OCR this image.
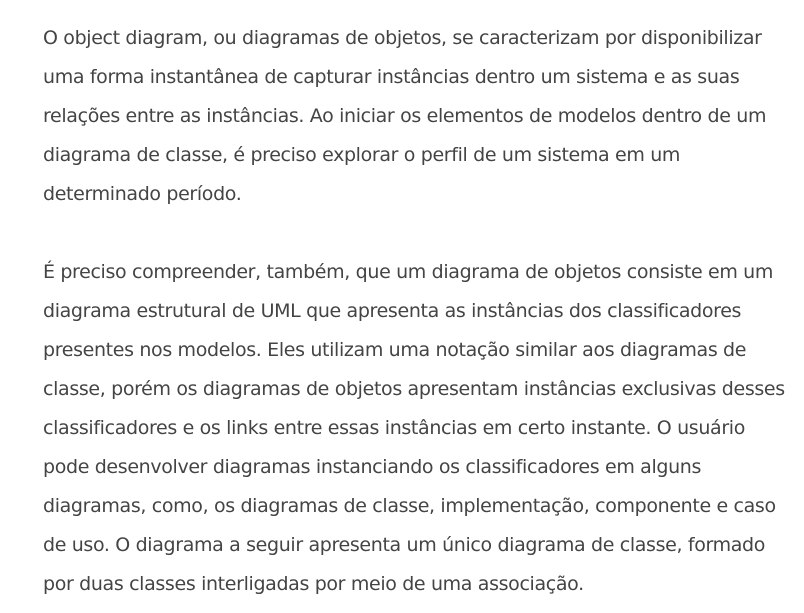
O object diagram, ou diagramas de objetos, se caracterizam por disponibilizar
uma forma instantânea de capturar instâncias dentro um sistema e as suas
relações entre as instâncias. Ao iniciar os elementos de modelos dentro de um
diagrama de classe, é preciso explorar o perfil de um sistema em um
determinado período.

É preciso compreender, também, que um diagrama de objetos consiste em um
diagrama estrutural de UML que apresenta as instâncias dos classificadores
presentes nos modelos. Eles utilizam uma notação similar aos diagramas de
classe, porém os diagramas de objetos apresentam instâncias exclusivas desses
classificadores e os links entre essas instâncias em certo instante. O usuário
pode desenvolver diagramas instanciando os classificadores em alguns
diagramas, como, os diagramas de classe, implementação, componente e caso
de uso. O diagrama a seguir apresenta um único diagrama de classe, formado
por duas classes interligadas por meio de uma associação.
